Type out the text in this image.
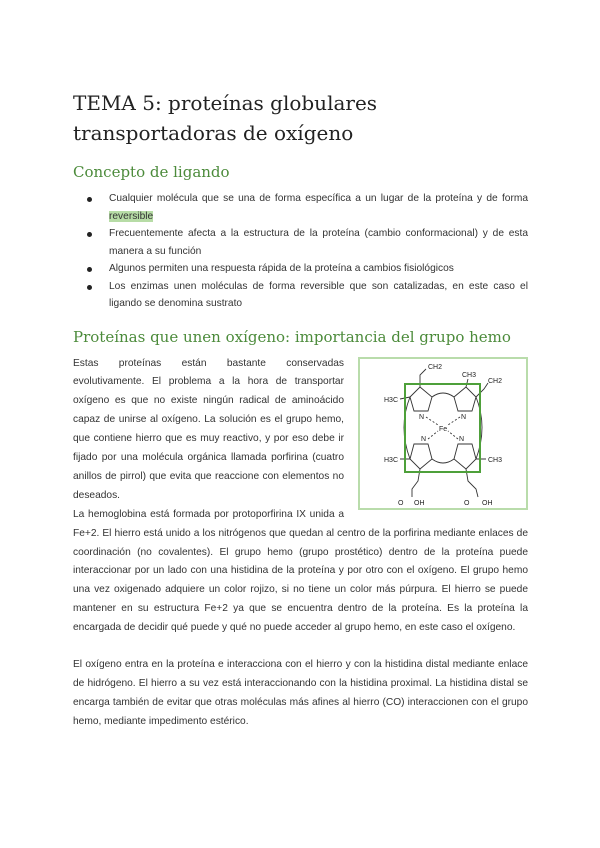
TEMA 5: proteínas globulares transportadoras de oxígeno
Concepto de ligando
Cualquier molécula que se una de forma específica a un lugar de la proteína y de forma reversible
Frecuentemente afecta a la estructura de la proteína (cambio conformacional) y de esta manera a su función
Algunos permiten una respuesta rápida de la proteína a cambios fisiológicos
Los enzimas unen moléculas de forma reversible que son catalizadas, en este caso el ligando se denomina sustrato
Proteínas que unen oxígeno: importancia del grupo hemo
CH2
CH3
CH2
H3C
H3C	CH3
Fe
N	N
N	N
O OH	O OH

Estas proteínas están bastante conservadas evolutivamente. El problema a la hora de transportar oxígeno es que no existe ningún radical de aminoácido capaz de unirse al oxígeno. La solución es el grupo hemo, que contiene hierro que es muy reactivo, y por eso debe ir fijado por una molécula orgánica llamada porfirina (cuatro anillos de pirrol) que evita que reaccione con elementos no deseados.

La hemoglobina está formada por protoporfirina IX unida a Fe+2. El hierro está unido a los nitrógenos que quedan al centro de la porfirina mediante enlaces de coordinación (no covalentes). El grupo hemo (grupo prostético) dentro de la proteína puede interaccionar por un lado con una histidina de la proteína y por otro con el oxígeno. El grupo hemo una vez oxigenado adquiere un color rojizo, si no tiene un color más púrpura. El hierro se puede mantener en su estructura Fe+2 ya que se encuentra dentro de la proteína. Es la proteína la encargada de decidir qué puede y qué no puede acceder al grupo hemo, en este caso el oxígeno.

El oxígeno entra en la proteína e interacciona con el hierro y con la histidina distal mediante enlace de hidrógeno. El hierro a su vez está interaccionando con la histidina proximal. La histidina distal se encarga también de evitar que otras moléculas más afines al hierro (CO) interaccionen con el grupo hemo, mediante impedimento estérico.
